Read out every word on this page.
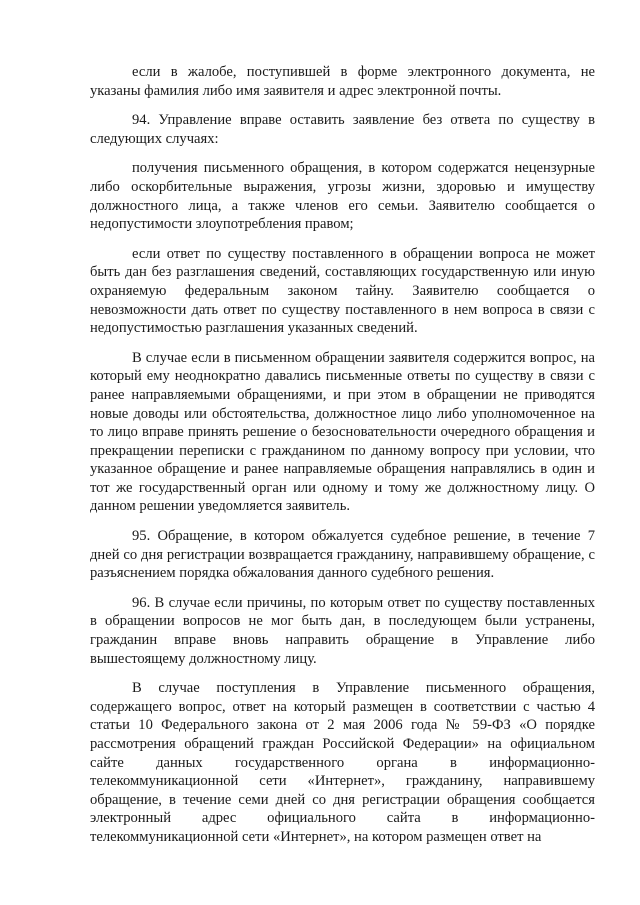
если в жалобе, поступившей в форме электронного документа, не указаны фамилия либо имя заявителя и адрес электронной почты.

94. Управление вправе оставить заявление без ответа по существу в следующих случаях:

получения письменного обращения, в котором содержатся нецензурные либо оскорбительные выражения, угрозы жизни, здоровью и имуществу должностного лица, а также членов его семьи. Заявителю сообщается о недопустимости злоупотребления правом;

если ответ по существу поставленного в обращении вопроса не может быть дан без разглашения сведений, составляющих государственную или иную охраняемую федеральным законом тайну. Заявителю сообщается о невозможности дать ответ по существу поставленного в нем вопроса в связи с недопустимостью разглашения указанных сведений.

В случае если в письменном обращении заявителя содержится вопрос, на который ему неоднократно давались письменные ответы по существу в связи с ранее направляемыми обращениями, и при этом в обращении не приводятся новые доводы или обстоятельства, должностное лицо либо уполномоченное на то лицо вправе принять решение о безосновательности очередного обращения и прекращении переписки с гражданином по данному вопросу при условии, что указанное обращение и ранее направляемые обращения направлялись в один и тот же государственный орган или одному и тому же должностному лицу. О данном решении уведомляется заявитель.

95. Обращение, в котором обжалуется судебное решение, в течение 7 дней со дня регистрации возвращается гражданину, направившему обращение, с разъяснением порядка обжалования данного судебного решения.

96. В случае если причины, по которым ответ по существу поставленных в обращении вопросов не мог быть дан, в последующем были устранены, гражданин вправе вновь направить обращение в Управление либо вышестоящему должностному лицу.

В случае поступления в Управление письменного обращения, содержащего вопрос, ответ на который размещен в соответствии с частью 4 статьи 10 Федерального закона от 2 мая 2006 года № 59-ФЗ «О порядке рассмотрения обращений граждан Российской Федерации» на официальном сайте данных государственного органа в информационно-телекоммуникационной сети «Интернет», гражданину, направившему обращение, в течение семи дней со дня регистрации обращения сообщается электронный адрес официального сайта в информационно-телекоммуникационной сети «Интернет», на котором размещен ответ на
